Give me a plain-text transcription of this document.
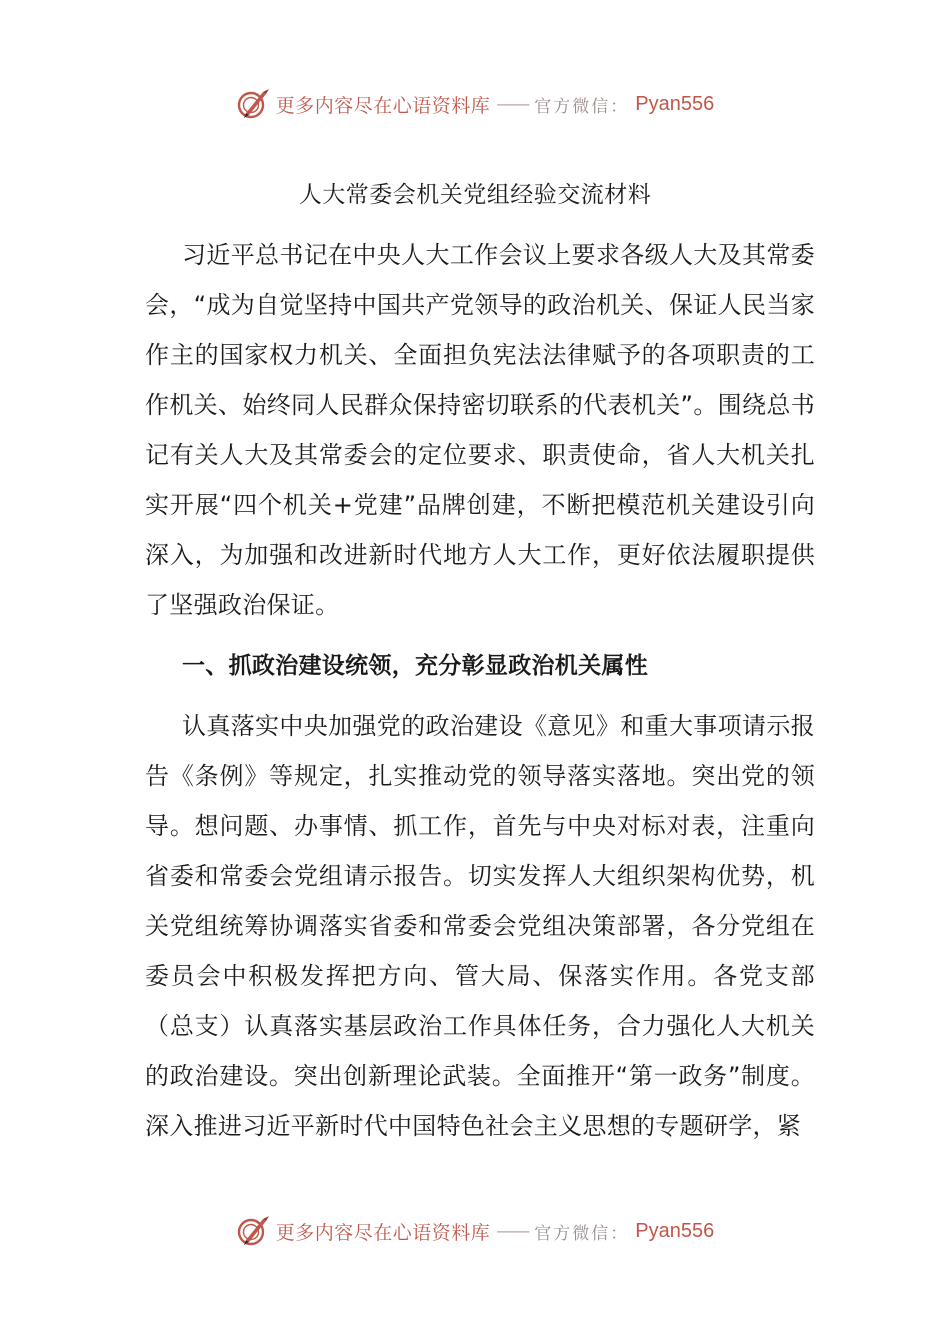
更多内容尽在心语资料库 —— 官方微信： Pyan556
人大常委会机关党组经验交流材料

习近平总书记在中央人大工作会议上要求各级人大及其常委会，“成为自觉坚持中国共产党领导的政治机关、保证人民当家作主的国家权力机关、全面担负宪法法律赋予的各项职责的工作机关、始终同人民群众保持密切联系的代表机关”。围绕总书记有关人大及其常委会的定位要求、职责使命，省人大机关扎实开展“四个机关+党建”品牌创建，不断把模范机关建设引向深入，为加强和改进新时代地方人大工作，更好依法履职提供了坚强政治保证。

一、抓政治建设统领，充分彰显政治机关属性

认真落实中央加强党的政治建设《意见》和重大事项请示报告《条例》等规定，扎实推动党的领导落实落地。突出党的领导。想问题、办事情、抓工作，首先与中央对标对表，注重向省委和常委会党组请示报告。切实发挥人大组织架构优势，机关党组统筹协调落实省委和常委会党组决策部署，各分党组在委员会中积极发挥把方向、管大局、保落实作用。各党支部（总支）认真落实基层政治工作具体任务，合力强化人大机关的政治建设。突出创新理论武装。全面推开“第一政务”制度。深入推进习近平新时代中国特色社会主义思想的专题研学，紧

更多内容尽在心语资料库 —— 官方微信： Pyan556
